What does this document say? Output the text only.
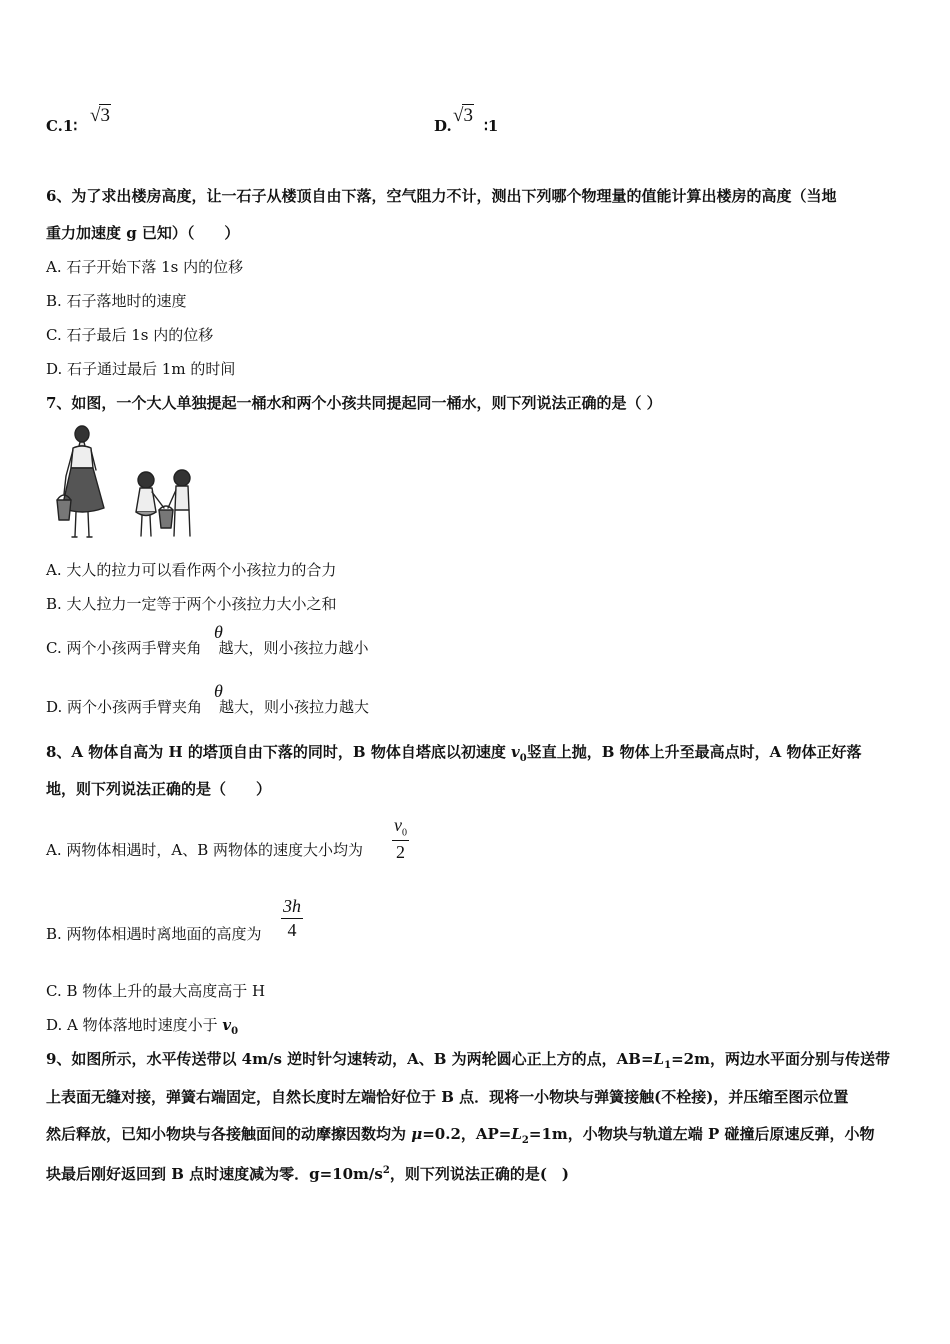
C.1∶ √3	D. √3 ∶1
6、为了求出楼房高度，让一石子从楼顶自由下落，空气阻力不计，测出下列哪个物理量的值能计算出楼房的高度（当地
重力加速度 g 已知）（　　）
A. 石子开始下落 1s 内的位移
B. 石子落地时的速度
C. 石子最后 1s 内的位移
D. 石子通过最后 1m 的时间
7、如图，一个大人单独提起一桶水和两个小孩共同提起同一桶水，则下列说法正确的是（ ）
A. 大人的拉力可以看作两个小孩拉力的合力
B. 大人拉力一定等于两个小孩拉力大小之和
C. 两个小孩两手臂夹角 越大，则小孩拉力越小
θ
D. 两个小孩两手臂夹角 越大，则小孩拉力越大
θ
8、A 物体自高为 H 的塔顶自由下落的同时，B 物体自塔底以初速度 $v_0$竖直上抛，B 物体上升至最高点时，A 物体正好落
地，则下列说法正确的是（　　）
A. 两物体相遇时，A、B 两物体的速度大小均为 $\frac{v_0}{2}$
B. 两物体相遇时离地面的高度为 $\frac{3h}{4}$
C. B 物体上升的最大高度高于 H
D. A 物体落地时速度小于 $v_0$
9、如图所示，水平传送带以 4m/s 逆时针匀速转动，A、B 为两轮圆心正上方的点，$AB=L_1=2m$，两边水平面分别与传送带
上表面无缝对接，弹簧右端固定，自然长度时左端恰好位于 B 点．现将一小物块与弹簧接触(不栓接)，并压缩至图示位置
然后释放，已知小物块与各接触面间的动摩擦因数均为 μ=0.2，$AP=L_2=1m$，小物块与轨道左端 P 碰撞后原速反弹，小物
块最后刚好返回到 B 点时速度减为零．$g=10m/s^2$，则下列说法正确的是(　)
